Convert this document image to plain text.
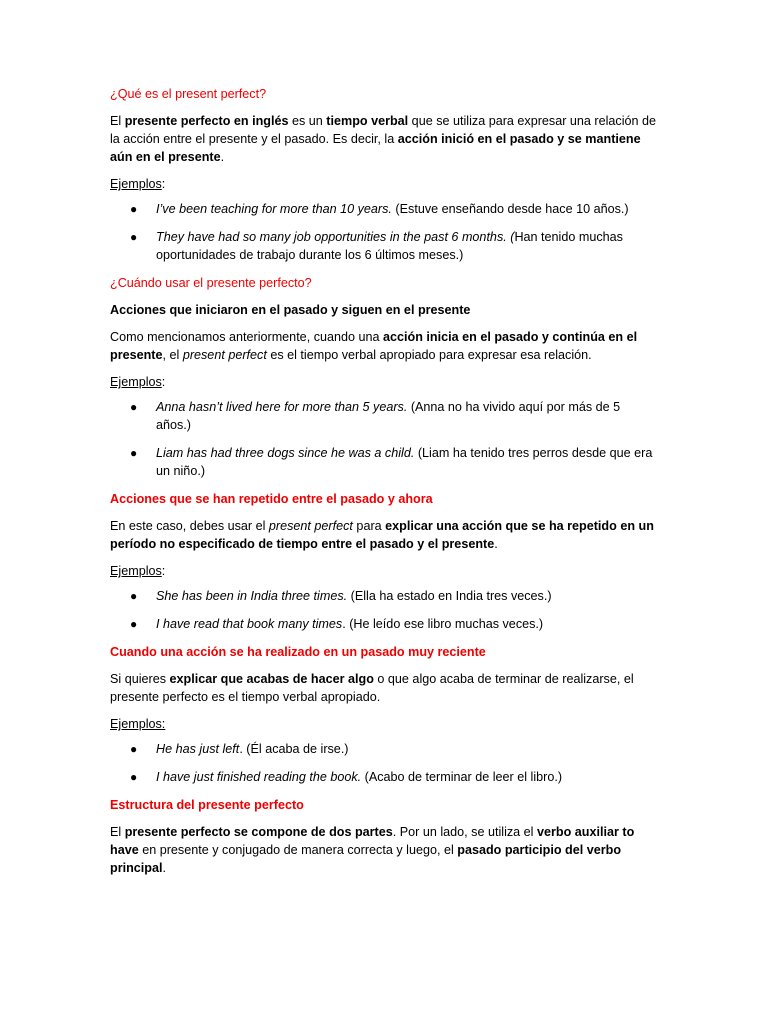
¿Qué es el present perfect?

El presente perfecto en inglés es un tiempo verbal que se utiliza para expresar una relación de la acción entre el presente y el pasado. Es decir, la acción inició en el pasado y se mantiene aún en el presente.

Ejemplos:

● I’ve been teaching for more than 10 years. (Estuve enseñando desde hace 10 años.)
● They have had so many job opportunities in the past 6 months. (Han tenido muchas oportunidades de trabajo durante los 6 últimos meses.)
¿Cuándo usar el presente perfecto?
Acciones que iniciaron en el pasado y siguen en el presente

Como mencionamos anteriormente, cuando una acción inicia en el pasado y continúa en el presente, el present perfect es el tiempo verbal apropiado para expresar esa relación.

Ejemplos:

● Anna hasn’t lived here for more than 5 years. (Anna no ha vivido aquí por más de 5 años.)
● Liam has had three dogs since he was a child. (Liam ha tenido tres perros desde que era un niño.)
Acciones que se han repetido entre el pasado y ahora

En este caso, debes usar el present perfect para explicar una acción que se ha repetido en un período no especificado de tiempo entre el pasado y el presente.

Ejemplos:

● She has been in India three times. (Ella ha estado en India tres veces.)
● I have read that book many times. (He leído ese libro muchas veces.)
Cuando una acción se ha realizado en un pasado muy reciente

Si quieres explicar que acabas de hacer algo o que algo acaba de terminar de realizarse, el presente perfecto es el tiempo verbal apropiado.

Ejemplos:

● He has just left. (Él acaba de irse.)
● I have just finished reading the book. (Acabo de terminar de leer el libro.)
Estructura del presente perfecto

El presente perfecto se compone de dos partes. Por un lado, se utiliza el verbo auxiliar to have en presente y conjugado de manera correcta y luego, el pasado participio del verbo principal.
